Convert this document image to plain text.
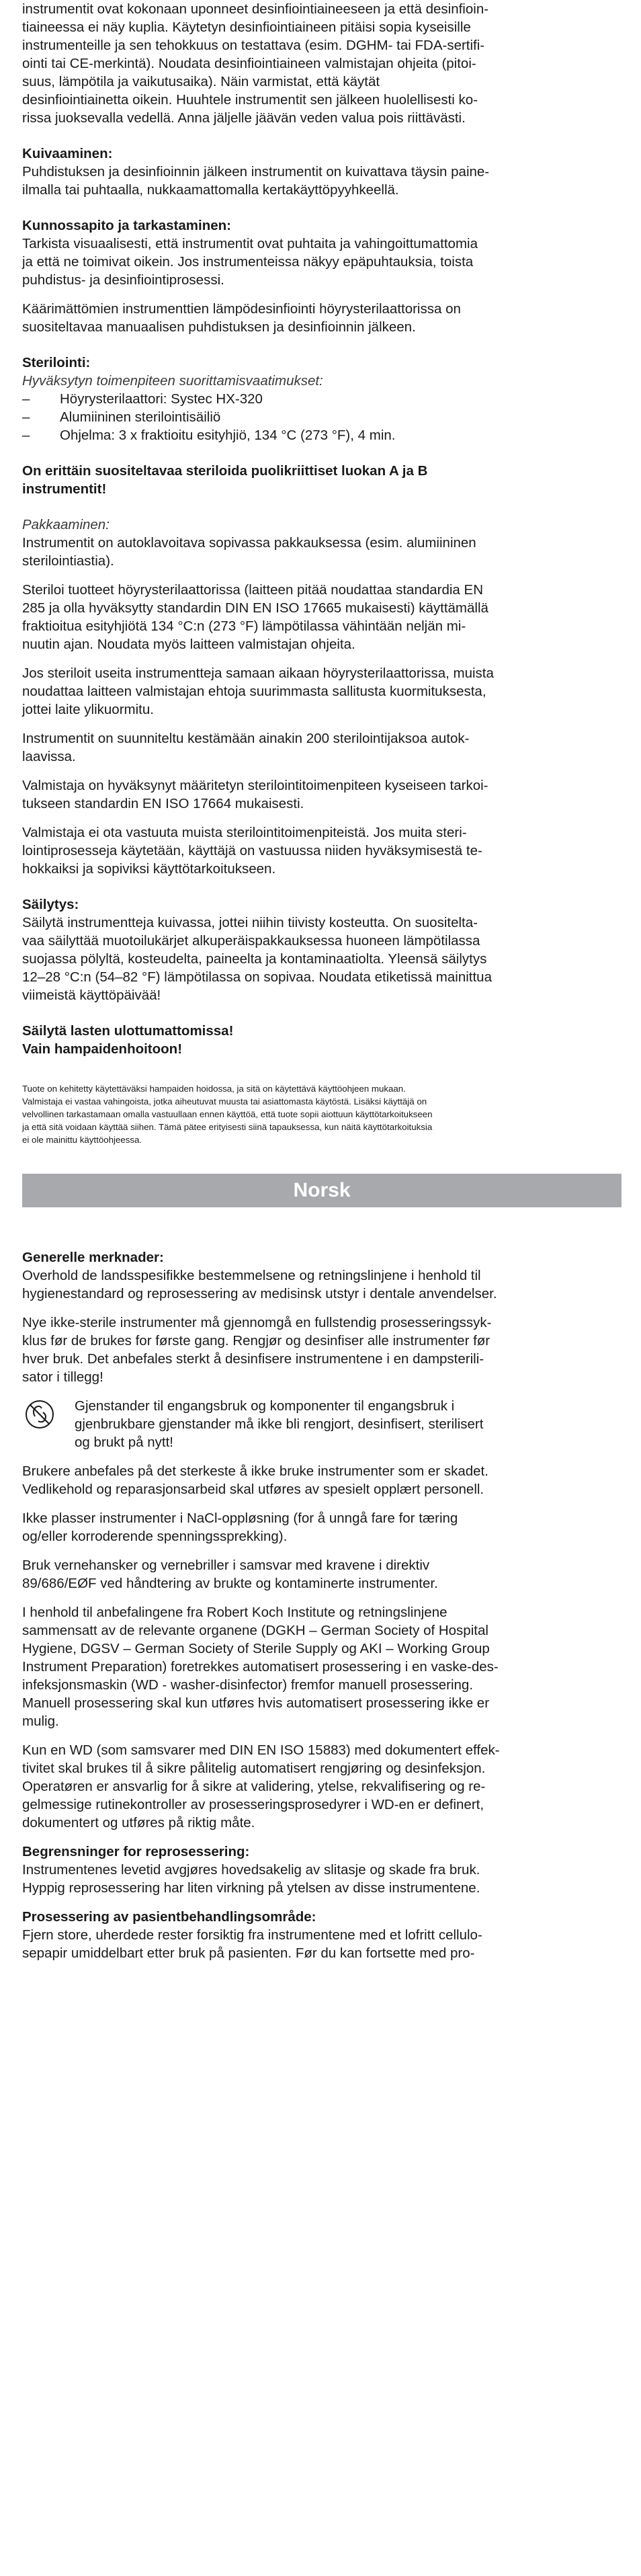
instrumentit ovat kokonaan uponneet desinfiointiaineeseen ja että desinfioin-
tiaineessa ei näy kuplia. Käytetyn desinfiointiaineen pitäisi sopia kyseisille
instrumenteille ja sen tehokkuus on testattava (esim. DGHM- tai FDA-sertifi-
ointi tai CE-merkintä). Noudata desinfiointiaineen valmistajan ohjeita (pitoi-
suus, lämpötila ja vaikutusaika). Näin varmistat, että käytät
desinfiointiainetta oikein. Huuhtele instrumentit sen jälkeen huolellisesti ko-
rissa juoksevalla vedellä. Anna jäljelle jäävän veden valua pois riittävästi.
Kuivaaminen:
Puhdistuksen ja desinfioinnin jälkeen instrumentit on kuivattava täysin paine-
ilmalla tai puhtaalla, nukkaamattomalla kertakäyttöpyyhkeellä.
Kunnossapito ja tarkastaminen:
Tarkista visuaalisesti, että instrumentit ovat puhtaita ja vahingoittumattomia
ja että ne toimivat oikein. Jos instrumenteissa näkyy epäpuhtauksia, toista
puhdistus- ja desinfiointiprosessi.
Käärimättömien instrumenttien lämpödesinfiointi höyrysterilaattorissa on
suositeltavaa manuaalisen puhdistuksen ja desinfioinnin jälkeen.
Sterilointi:
Hyväksytyn toimenpiteen suorittamisvaatimukset:
– Höyrysterilaattori: Systec HX-320
– Alumiininen sterilointisäiliö
– Ohjelma: 3 x fraktioitu esityhjiö, 134 °C (273 °F), 4 min.
On erittäin suositeltavaa steriloida puolikriittiset luokan A ja B
instrumentit!
Pakkaaminen:
Instrumentit on autoklavoitava sopivassa pakkauksessa (esim. alumiininen
sterilointiastia).
Steriloi tuotteet höyrysterilaattorissa (laitteen pitää noudattaa standardia EN
285 ja olla hyväksytty standardin DIN EN ISO 17665 mukaisesti) käyttämällä
fraktioitua esityhjiötä 134 °C:n (273 °F) lämpötilassa vähintään neljän mi-
nuutin ajan. Noudata myös laitteen valmistajan ohjeita.
Jos steriloit useita instrumentteja samaan aikaan höyrysterilaattorissa, muista
noudattaa laitteen valmistajan ehtoja suurimmasta sallitusta kuormituksesta,
jottei laite ylikuormitu.
Instrumentit on suunniteltu kestämään ainakin 200 sterilointijaksoa autok-
laavissa.
Valmistaja on hyväksynyt määritetyn sterilointitoimenpiteen kyseiseen tarkoi-
tukseen standardin EN ISO 17664 mukaisesti.
Valmistaja ei ota vastuuta muista sterilointitoimenpiteistä. Jos muita steri-
lointiprosesseja käytetään, käyttäjä on vastuussa niiden hyväksymisestä te-
hokkaiksi ja sopiviksi käyttötarkoitukseen.
Säilytys:
Säilytä instrumentteja kuivassa, jottei niihin tiivisty kosteutta. On suositelta-
vaa säilyttää muotoilukärjet alkuperäispakkauksessa huoneen lämpötilassa
suojassa pölyltä, kosteudelta, paineelta ja kontaminaatiolta. Yleensä säilytys
12–28 °C:n (54–82 °F) lämpötilassa on sopivaa. Noudata etiketissä mainittua
viimeistä käyttöpäivää!
Säilytä lasten ulottumattomissa!
Vain hampaidenhoitoon!
Tuote on kehitetty käytettäväksi hampaiden hoidossa, ja sitä on käytettävä käyttöohjeen mukaan.
Valmistaja ei vastaa vahingoista, jotka aiheutuvat muusta tai asiattomasta käytöstä. Lisäksi käyttäjä on
velvollinen tarkastamaan omalla vastuullaan ennen käyttöä, että tuote sopii aiottuun käyttötarkoitukseen
ja että sitä voidaan käyttää siihen. Tämä pätee erityisesti siinä tapauksessa, kun näitä käyttötarkoituksia
ei ole mainittu käyttöohjeessa.
Norsk
Generelle merknader:
Overhold de landsspesifikke bestemmelsene og retningslinjene i henhold til
hygienestandard og reprosessering av medisinsk utstyr i dentale anvendelser.
Nye ikke-sterile instrumenter må gjennomgå en fullstendig prosesseringssyk-
klus før de brukes for første gang. Rengjør og desinfiser alle instrumenter før
hver bruk. Det anbefales sterkt å desinfisere instrumentene i en dampsterili-
sator i tillegg!
Gjenstander til engangsbruk og komponenter til engangsbruk i
gjenbrukbare gjenstander må ikke bli rengjort, desinfisert, sterilisert
og brukt på nytt!
Brukere anbefales på det sterkeste å ikke bruke instrumenter som er skadet.
Vedlikehold og reparasjonsarbeid skal utføres av spesielt opplært personell.
Ikke plasser instrumenter i NaCl-oppløsning (for å unngå fare for tæring
og/eller korroderende spenningssprekking).
Bruk vernehansker og vernebriller i samsvar med kravene i direktiv
89/686/EØF ved håndtering av brukte og kontaminerte instrumenter.
I henhold til anbefalingene fra Robert Koch Institute og retningslinjene
sammensatt av de relevante organene (DGKH – German Society of Hospital
Hygiene, DGSV – German Society of Sterile Supply og AKI – Working Group
Instrument Preparation) foretrekkes automatisert prosessering i en vaske-des-
infeksjonsmaskin (WD - washer-disinfector) fremfor manuell prosessering.
Manuell prosessering skal kun utføres hvis automatisert prosessering ikke er
mulig.
Kun en WD (som samsvarer med DIN EN ISO 15883) med dokumentert effek-
tivitet skal brukes til å sikre pålitelig automatisert rengjøring og desinfeksjon.
Operatøren er ansvarlig for å sikre at validering, ytelse, rekvalifisering og re-
gelmessige rutinekontroller av prosesseringsprosedyrer i WD-en er definert,
dokumentert og utføres på riktig måte.
Begrensninger for reprosessering:
Instrumentenes levetid avgjøres hovedsakelig av slitasje og skade fra bruk.
Hyppig reprosessering har liten virkning på ytelsen av disse instrumentene.
Prosessering av pasientbehandlingsområde:
Fjern store, uherdede rester forsiktig fra instrumentene med et lofritt cellulo-
sepapir umiddelbart etter bruk på pasienten. Før du kan fortsette med pro-
